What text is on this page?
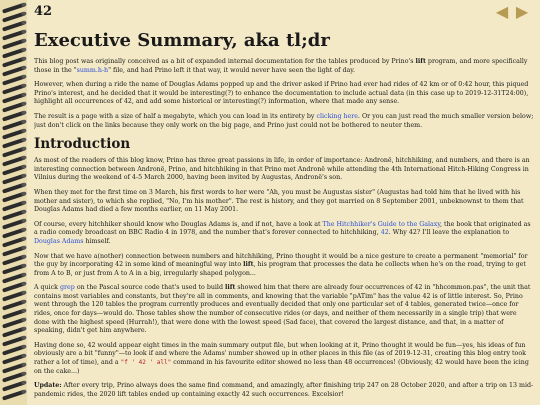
42	◀ ▶
Executive Summary, aka tl;dr

This blog post was originally conceived as a bit of expanded internal documentation for the tables produced by Prino's lift program, and more specifically those in the "summ.h-h" file, and had Prino left it that way, it would never have seen the light of day.

However, when during a ride the name of Douglas Adams popped up and the driver asked if Prino had ever had rides of 42 km or of 0:42 hour, this piqued Prino's interest, and he decided that it would be interesting(?) to enhance the documentation to include actual data (in this case up to 2019-12-31T24:00), highlight all occurrences of 42, and add some historical or interesting(?) information, where that made any sense.

The result is a page with a size of half a megabyte, which you can load in its entirety by clicking here. Or you can just read the much smaller version below; just don't click on the links because they only work on the big page, and Prino just could not be bothered to neuter them.

Introduction

As most of the readers of this blog know, Prino has three great passions in life, in order of importance: Andronë, hitchhiking, and numbers, and there is an interesting connection between Andronë, Prino, and hitchhiking in that Prino met Andronë while attending the 4th International Hitch-Hiking Congress in Vilnius during the weekend of 4-5 March 2000, having been invited by Augustas, Andronë's son.

When they met for the first time on 3 March, his first words to her were "Ah, you must be Augustas sister" (Augustas had told him that he lived with his mother and sister), to which she replied, "No, I'm his mother". The rest is history, and they got married on 8 September 2001, unbeknownst to them that Douglas Adams had died a few months earlier, on 11 May 2001.

Of course, every hitchhiker should know who Douglas Adams is, and if not, have a look at The Hitchhiker's Guide to the Galaxy, the book that originated as a radio comedy broadcast on BBC Radio 4 in 1978, and the number that's forever connected to hitchhiking, 42. Why 42? I'll leave the explanation to Douglas Adams himself.

Now that we have a(nother) connection between numbers and hitchhiking, Prino thought it would be a nice gesture to create a permanent "memorial" for the guy by incorporating 42 in some kind of meaningful way into lift, his program that processes the data he collects when he's on the road, trying to get from A to B, or just from A to A in a big, irregularly shaped polygon...

A quick grep on the Pascal source code that's used to build lift showed him that there are already four occurrences of 42 in "hhcommon.pas", the unit that contains most variables and constants, but they're all in comments, and knowing that the variable "pATim" has the value 42 is of little interest. So, Prino went through the 120 tables the program currently produces and eventually decided that only one particular set of 4 tables, generated twice—once for rides, once for days—would do. Those tables show the number of consecutive rides (or days, and neither of them necessarily in a single trip) that were done with the highest speed (Hurrah!), that were done with the lowest speed (Sad face), that covered the largest distance, and that, in a matter of speaking, didn't get him anywhere.

Having done so, 42 would appear eight times in the main summary output file, but when looking at it, Prino thought it would be fun—yes, his ideas of fun obviously are a bit "funny"—to look if and where the Adams' number showed up in other places in this file (as of 2019-12-31, creating this blog entry took rather a lot of time), and a "f ' 42 ' all" command in his favourite editor showed no less than 48 occurrences! (Obviously, 42 would have been the icing on the cake...)

Update: After every trip, Prino always does the same find command, and amazingly, after finishing trip 247 on 28 October 2020, and after a trip on 13 mid-pandemic rides, the 2020 lift tables ended up containing exactly 42 such occurrences. Excelsior!
